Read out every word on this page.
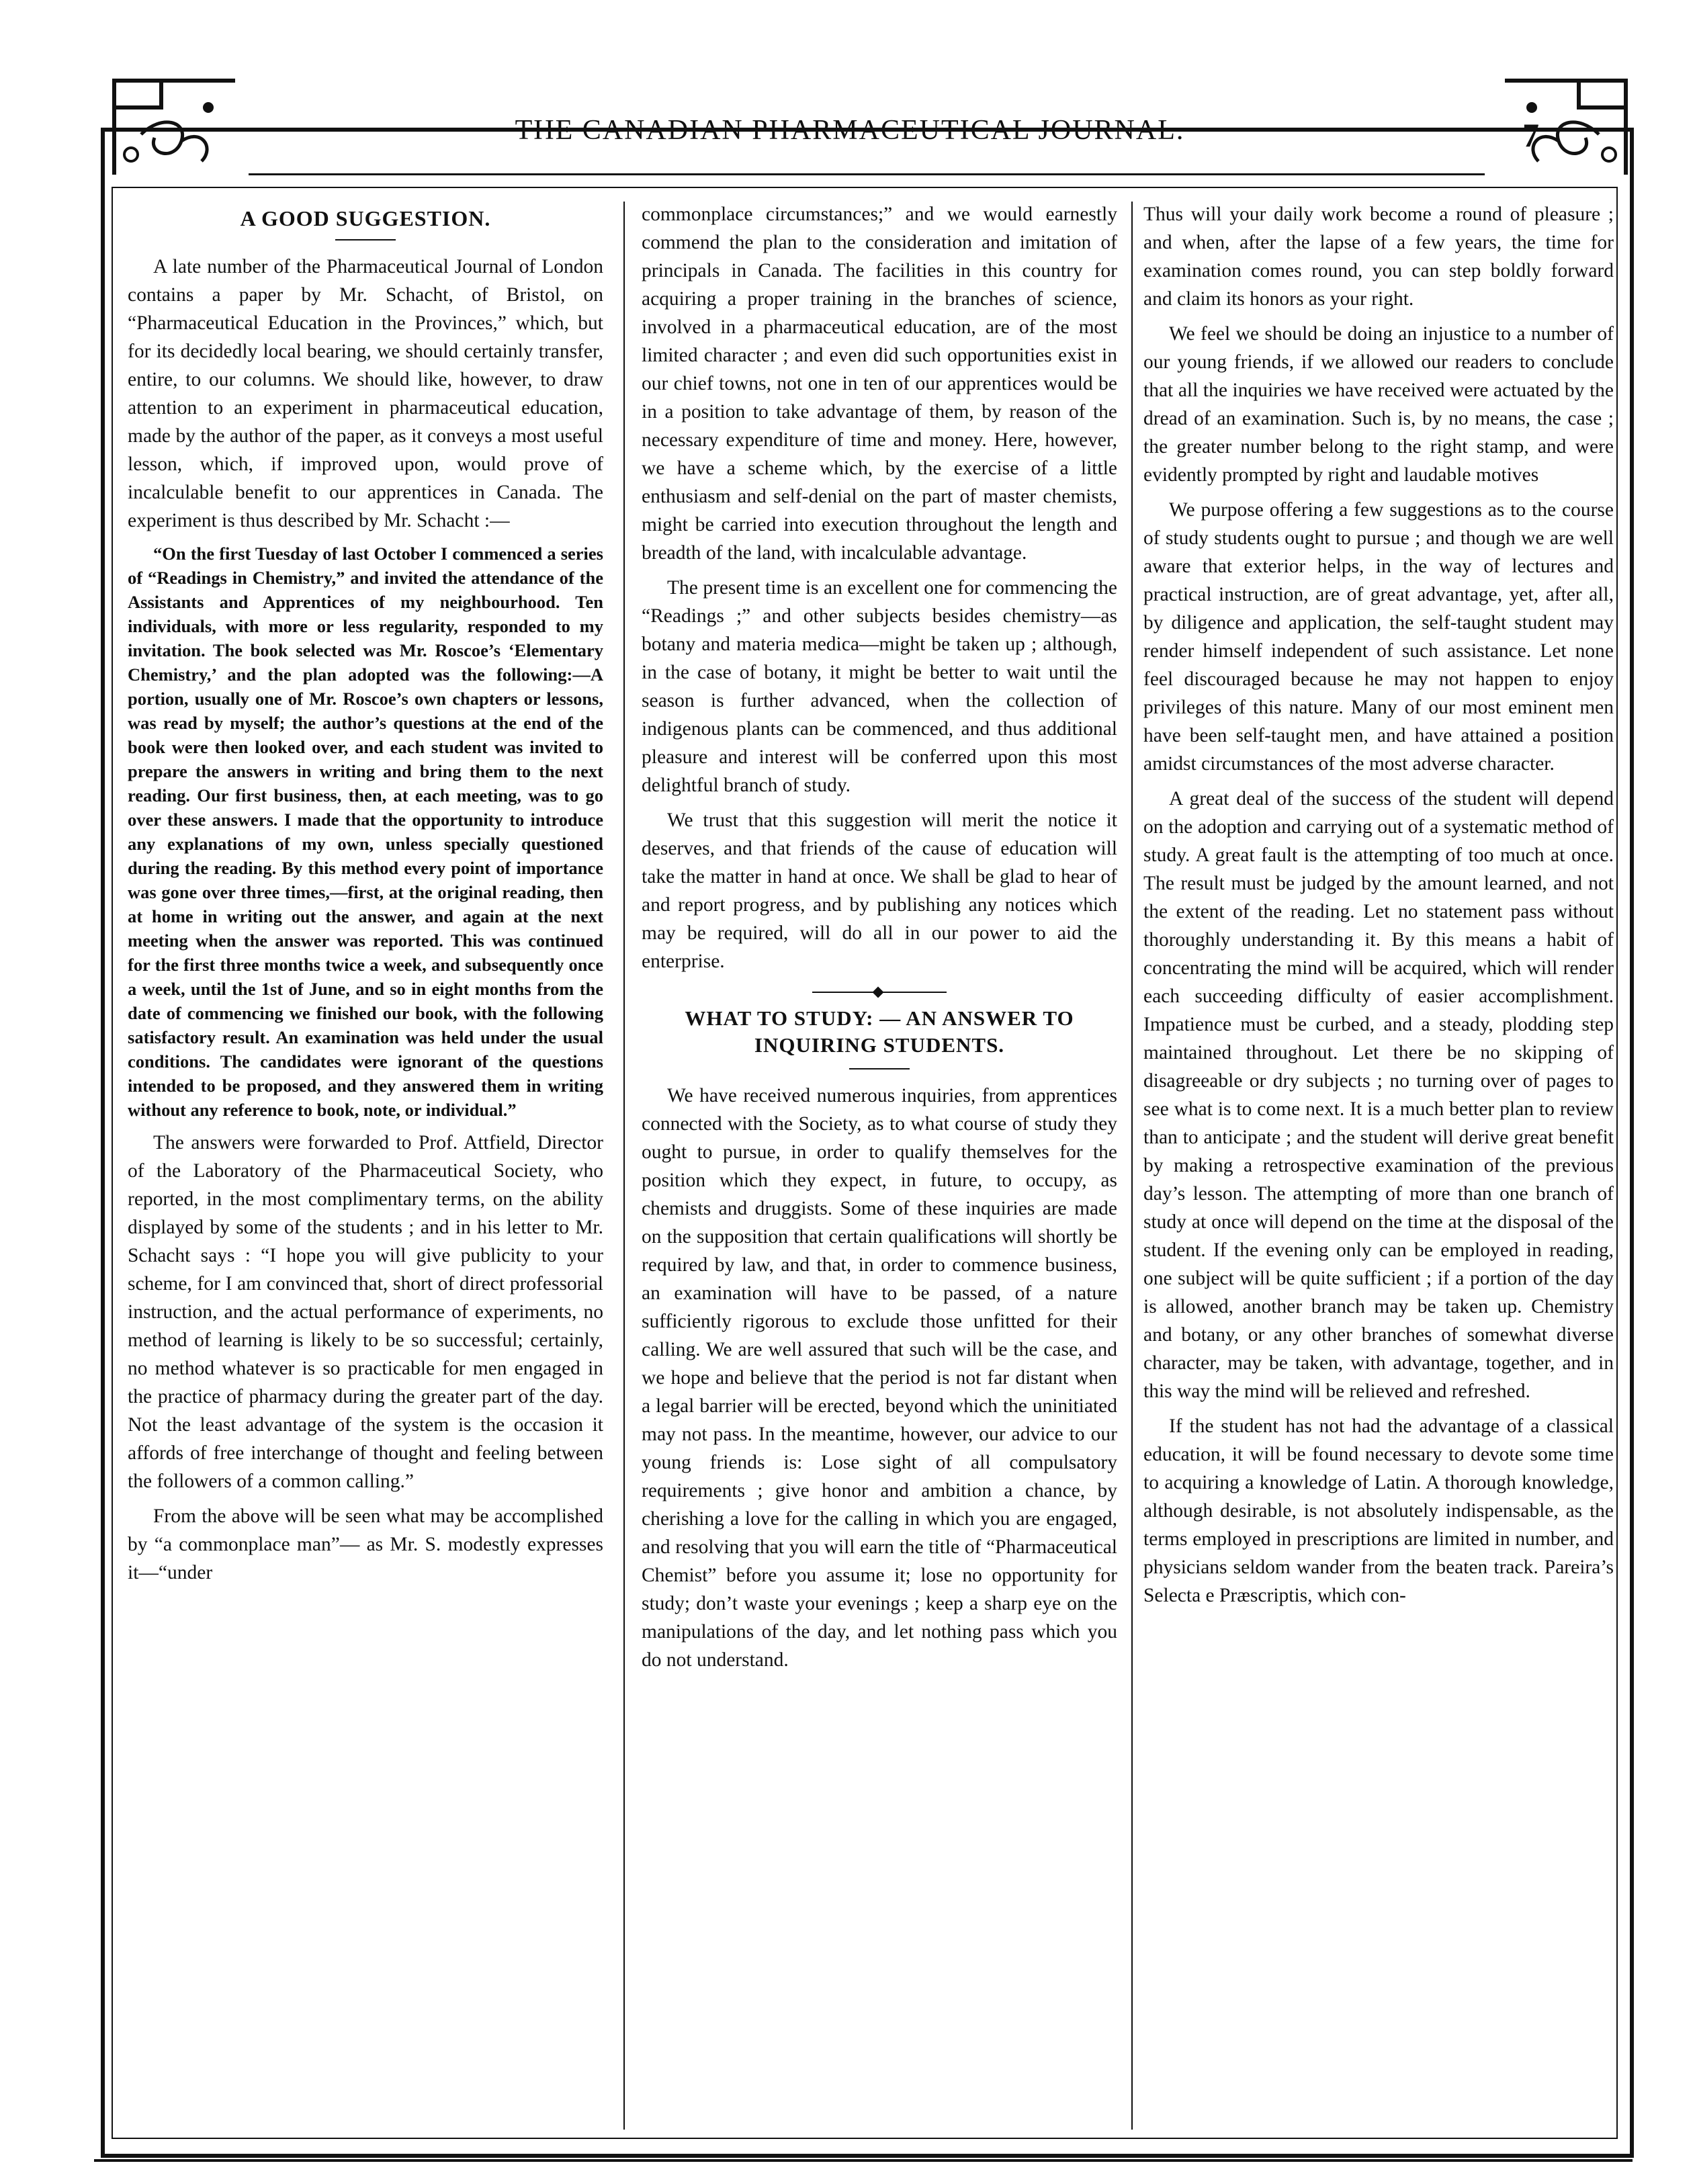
THE CANADIAN PHARMACEUTICAL JOURNAL.	7
A GOOD SUGGESTION.

A late number of the Pharmaceutical Journal of London contains a paper by Mr. Schacht, of Bristol, on “Pharmaceutical Education in the Provinces,” which, but for its decidedly local bearing, we should certainly transfer, entire, to our columns. We should like, however, to draw attention to an experiment in pharmaceutical education, made by the author of the paper, as it conveys a most useful lesson, which, if improved upon, would prove of incalculable benefit to our apprentices in Canada. The experiment is thus described by Mr. Schacht :—

“On the first Tuesday of last October I commenced a series of “Readings in Chemistry,” and invited the attendance of the Assistants and Apprentices of my neighbourhood. Ten individuals, with more or less regularity, responded to my invitation. The book selected was Mr. Roscoe’s ‘Elementary Chemistry,’ and the plan adopted was the following:—A portion, usually one of Mr. Roscoe’s own chapters or lessons, was read by myself; the author’s questions at the end of the book were then looked over, and each student was invited to prepare the answers in writing and bring them to the next reading. Our first business, then, at each meeting, was to go over these answers. I made that the opportunity to introduce any explanations of my own, unless specially questioned during the reading. By this method every point of importance was gone over three times,—first, at the original reading, then at home in writing out the answer, and again at the next meeting when the answer was reported. This was continued for the first three months twice a week, and subsequently once a week, until the 1st of June, and so in eight months from the date of commencing we finished our book, with the following satisfactory result. An examination was held under the usual conditions. The candidates were ignorant of the questions intended to be proposed, and they answered them in writing without any reference to book, note, or individual.”

The answers were forwarded to Prof. Attfield, Director of the Laboratory of the Pharmaceutical Society, who reported, in the most complimentary terms, on the ability displayed by some of the students ; and in his letter to Mr. Schacht says : “I hope you will give publicity to your scheme, for I am convinced that, short of direct professorial instruction, and the actual performance of experiments, no method of learning is likely to be so successful; certainly, no method whatever is so practicable for men engaged in the practice of pharmacy during the greater part of the day. Not the least advantage of the system is the occasion it affords of free interchange of thought and feeling between the followers of a common calling.”

From the above will be seen what may be accomplished by “a commonplace man”— as Mr. S. modestly expresses it—“under

commonplace circumstances;” and we would earnestly commend the plan to the consideration and imitation of principals in Canada. The facilities in this country for acquiring a proper training in the branches of science, involved in a pharmaceutical education, are of the most limited character ; and even did such opportunities exist in our chief towns, not one in ten of our apprentices would be in a position to take advantage of them, by reason of the necessary expenditure of time and money. Here, however, we have a scheme which, by the exercise of a little enthusiasm and self-denial on the part of master chemists, might be carried into execution throughout the length and breadth of the land, with incalculable advantage.

The present time is an excellent one for commencing the “Readings ;” and other subjects besides chemistry—as botany and materia medica—might be taken up ; although, in the case of botany, it might be better to wait until the season is further advanced, when the collection of indigenous plants can be commenced, and thus additional pleasure and interest will be conferred upon this most delightful branch of study.

We trust that this suggestion will merit the notice it deserves, and that friends of the cause of education will take the matter in hand at once. We shall be glad to hear of and report progress, and by publishing any notices which may be required, will do all in our power to aid the enterprise.

WHAT TO STUDY: — AN ANSWER TO
INQUIRING STUDENTS.

We have received numerous inquiries, from apprentices connected with the Society, as to what course of study they ought to pursue, in order to qualify themselves for the position which they expect, in future, to occupy, as chemists and druggists. Some of these inquiries are made on the supposition that certain qualifications will shortly be required by law, and that, in order to commence business, an examination will have to be passed, of a nature sufficiently rigorous to exclude those unfitted for their calling. We are well assured that such will be the case, and we hope and believe that the period is not far distant when a legal barrier will be erected, beyond which the uninitiated may not pass. In the meantime, however, our advice to our young friends is: Lose sight of all compulsatory requirements ; give honor and ambition a chance, by cherishing a love for the calling in which you are engaged, and resolving that you will earn the title of “Pharmaceutical Chemist” before you assume it; lose no opportunity for study; don’t waste your evenings ; keep a sharp eye on the manipulations of the day, and let nothing pass which you do not understand.

Thus will your daily work become a round of pleasure ; and when, after the lapse of a few years, the time for examination comes round, you can step boldly forward and claim its honors as your right.

We feel we should be doing an injustice to a number of our young friends, if we allowed our readers to conclude that all the inquiries we have received were actuated by the dread of an examination. Such is, by no means, the case ; the greater number belong to the right stamp, and were evidently prompted by right and laudable motives

We purpose offering a few suggestions as to the course of study students ought to pursue ; and though we are well aware that exterior helps, in the way of lectures and practical instruction, are of great advantage, yet, after all, by diligence and application, the self-taught student may render himself independent of such assistance. Let none feel discouraged because he may not happen to enjoy privileges of this nature. Many of our most eminent men have been self-taught men, and have attained a position amidst circumstances of the most adverse character.

A great deal of the success of the student will depend on the adoption and carrying out of a systematic method of study. A great fault is the attempting of too much at once. The result must be judged by the amount learned, and not the extent of the reading. Let no statement pass without thoroughly understanding it. By this means a habit of concentrating the mind will be acquired, which will render each succeeding difficulty of easier accomplishment. Impatience must be curbed, and a steady, plodding step maintained throughout. Let there be no skipping of disagreeable or dry subjects ; no turning over of pages to see what is to come next. It is a much better plan to review than to anticipate ; and the student will derive great benefit by making a retrospective examination of the previous day’s lesson. The attempting of more than one branch of study at once will depend on the time at the disposal of the student. If the evening only can be employed in reading, one subject will be quite sufficient ; if a portion of the day is allowed, another branch may be taken up. Chemistry and botany, or any other branches of somewhat diverse character, may be taken, with advantage, together, and in this way the mind will be relieved and refreshed.

If the student has not had the advantage of a classical education, it will be found necessary to devote some time to acquiring a knowledge of Latin. A thorough knowledge, although desirable, is not absolutely indispensable, as the terms employed in prescriptions are limited in number, and physicians seldom wander from the beaten track. Pareira’s Selecta e Præscriptis, which con-
